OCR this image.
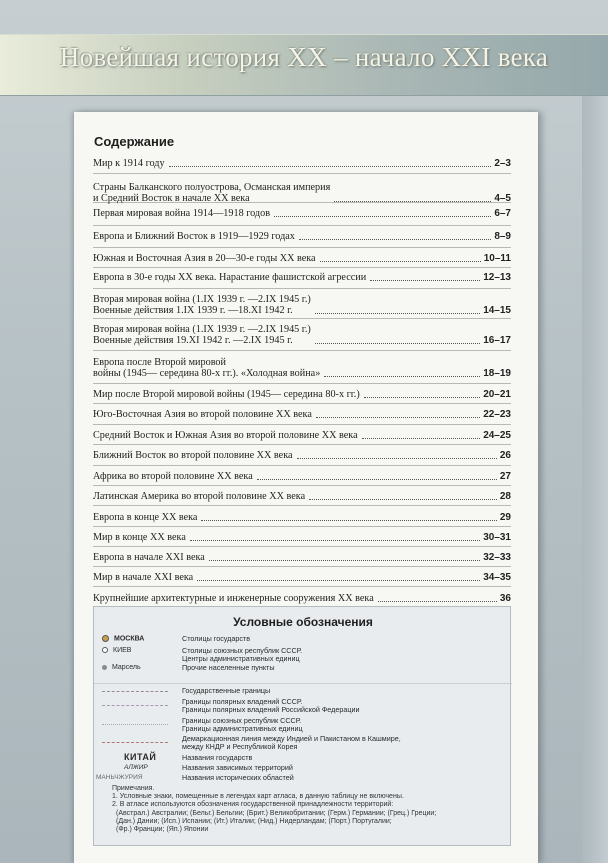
Новейшая история XX – начало XXI века
Содержание
Мир к 1914 году	2–3
Страны Балканского полуострова, Османская империя
и Средний Восток в начале XX века	4–5
Первая мировая война 1914—1918 годов	6–7
Европа и Ближний Восток в 1919—1929 годах	8–9
Южная и Восточная Азия в 20—30-е годы XX века	10–11
Европа в 30-е годы XX века. Нарастание фашистской агрессии	12–13
Вторая мировая война (1.IX 1939 г. —2.IX 1945 г.)
Военные действия 1.IX 1939 г. —18.XI 1942 г.	14–15
Вторая мировая война (1.IX 1939 г. —2.IX 1945 г.)
Военные действия 19.XI 1942 г. —2.IX 1945 г.	16–17
Европа после Второй мировой
войны (1945— середина 80-х гг.). «Холодная война»	18–19
Мир после Второй мировой войны (1945— середина 80-х гг.)	20–21
Юго-Восточная Азия во второй половине XX века	22–23
Средний Восток и Южная Азия во второй половине XX века	24–25
Ближний Восток во второй половине XX века	26
Африка во второй половине XX века	27
Латинская Америка во второй половине XX века	28
Европа в конце XX века	29
Мир в конце XX века	30–31
Европа в начале XXI века	32–33
Мир в начале XXI века	34–35
Крупнейшие архитектурные и инженерные сооружения XX века	36
Условные обозначения
МОСКВА	Столицы государств
КИЕВ	Столицы союзных республик СССР.
Центры административных единиц
Марсель	Прочие населенные пункты
Государственные границы
Границы полярных владений СССР.
Границы полярных владений Российской Федерации
Границы союзных республик СССР.
Границы административных единиц
Демаркационная линия между Индией и Пакистаном в Кашмире,
между КНДР и Республикой Корея
КИТАЙ	Названия государств
АЛЖИР	Названия зависимых территорий
МАНЬЧЖУРИЯ	Названия исторических областей
Примечания.
1. Условные знаки, помещенные в легендах карт атласа, в данную таблицу не включены.
2. В атласе используются обозначения государственной принадлежности территорий:
(Австрал.) Австралии; (Бельг.) Бельгии; (Брит.) Великобритании; (Герм.) Германии; (Грец.) Греции;
(Дан.) Дании; (Исп.) Испании; (Ит.) Италии; (Нид.) Нидерландам; (Порт.) Португалии;
(Фр.) Франции; (Яп.) Японии
